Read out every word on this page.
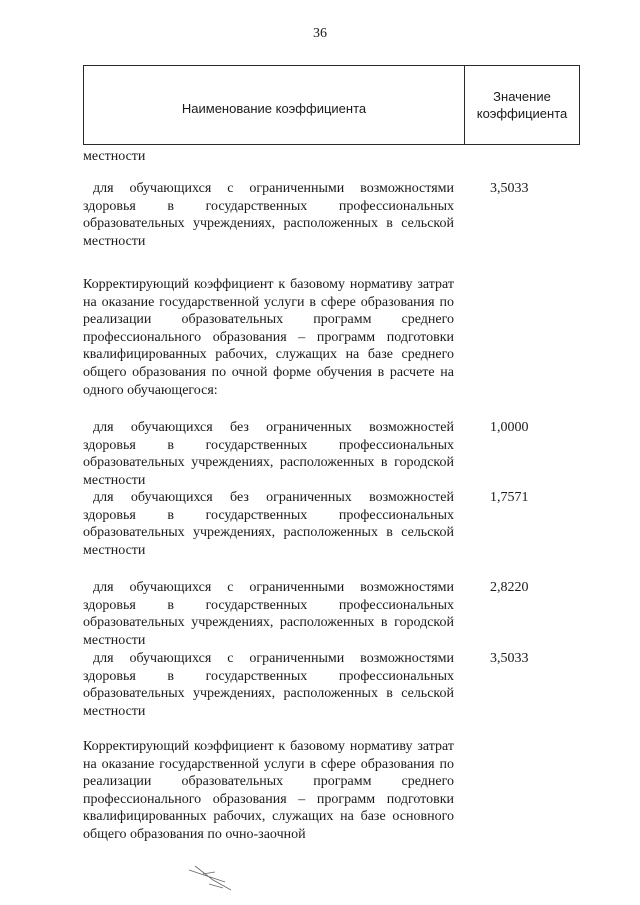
36
Наименование коэффициента
Значение
коэффициента
местности
для обучающихся с ограниченными возможностями здоровья в государственных профессиональных образовательных учреждениях, расположенных в сельской местности
3,5033
Корректирующий коэффициент к базовому нормативу затрат на оказание государственной услуги в сфере образования по реализации образовательных программ среднего профессионального образования – программ подготовки квалифицированных рабочих, служащих на базе среднего общего образования по очной форме обучения в расчете на одного обучающегося:
для обучающихся без ограниченных возможностей здоровья в государственных профессиональных образовательных учреждениях, расположенных в городской местности
1,0000
для обучающихся без ограниченных возможностей здоровья в государственных профессиональных образовательных учреждениях, расположенных в сельской местности
1,7571
для обучающихся с ограниченными возможностями здоровья в государственных профессиональных образовательных учреждениях, расположенных в городской местности
2,8220
для обучающихся с ограниченными возможностями здоровья в государственных профессиональных образовательных учреждениях, расположенных в сельской местности
3,5033
Корректирующий коэффициент к базовому нормативу затрат на оказание государственной услуги в сфере образования по реализации образовательных программ среднего профессионального образования – программ подготовки квалифицированных рабочих, служащих на базе основного общего образования по очно-заочной
